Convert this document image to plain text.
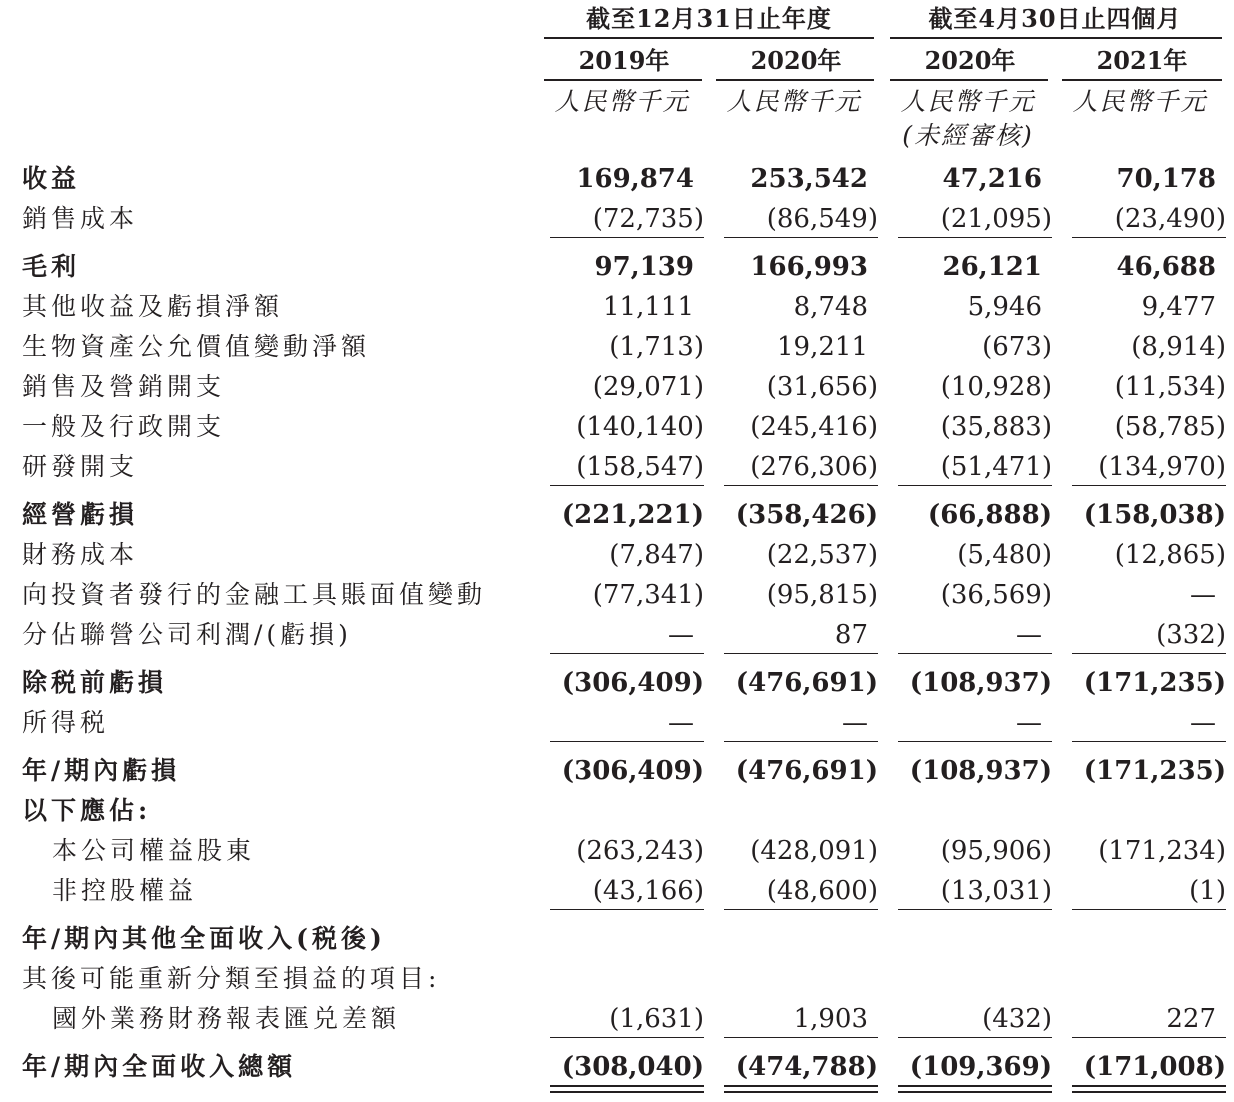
截至12月31日止年度	截至4月30日止四個月
2019年	2020年	2020年	2021年
人民幣千元	人民幣千元	人民幣千元	人民幣千元
(未經審核)
收益	169,874	253,542	47,216	70,178
銷售成本	(72,735)	(86,549)	(21,095)	(23,490)
毛利	97,139	166,993	26,121	46,688
其他收益及虧損淨額	11,111	8,748	5,946	9,477
生物資產公允價值變動淨額	(1,713)	19,211	(673)	(8,914)
銷售及營銷開支	(29,071)	(31,656)	(10,928)	(11,534)
一般及行政開支	(140,140)	(245,416)	(35,883)	(58,785)
研發開支	(158,547)	(276,306)	(51,471)	(134,970)
經營虧損	(221,221)	(358,426)	(66,888)	(158,038)
財務成本	(7,847)	(22,537)	(5,480)	(12,865)
向投資者發行的金融工具賬面值變動	(77,341)	(95,815)	(36,569)	—
分佔聯營公司利潤/(虧損)	—	87	—	(332)
除税前虧損	(306,409)	(476,691)	(108,937)	(171,235)
所得税	—	—	—	—
年/期內虧損	(306,409)	(476,691)	(108,937)	(171,235)
以下應佔:
本公司權益股東	(263,243)	(428,091)	(95,906)	(171,234)
非控股權益	(43,166)	(48,600)	(13,031)	(1)
年/期內其他全面收入(税後)
其後可能重新分類至損益的項目:
國外業務財務報表匯兑差額	(1,631)	1,903	(432)	227
年/期內全面收入總額	(308,040)	(474,788)	(109,369)	(171,008)
